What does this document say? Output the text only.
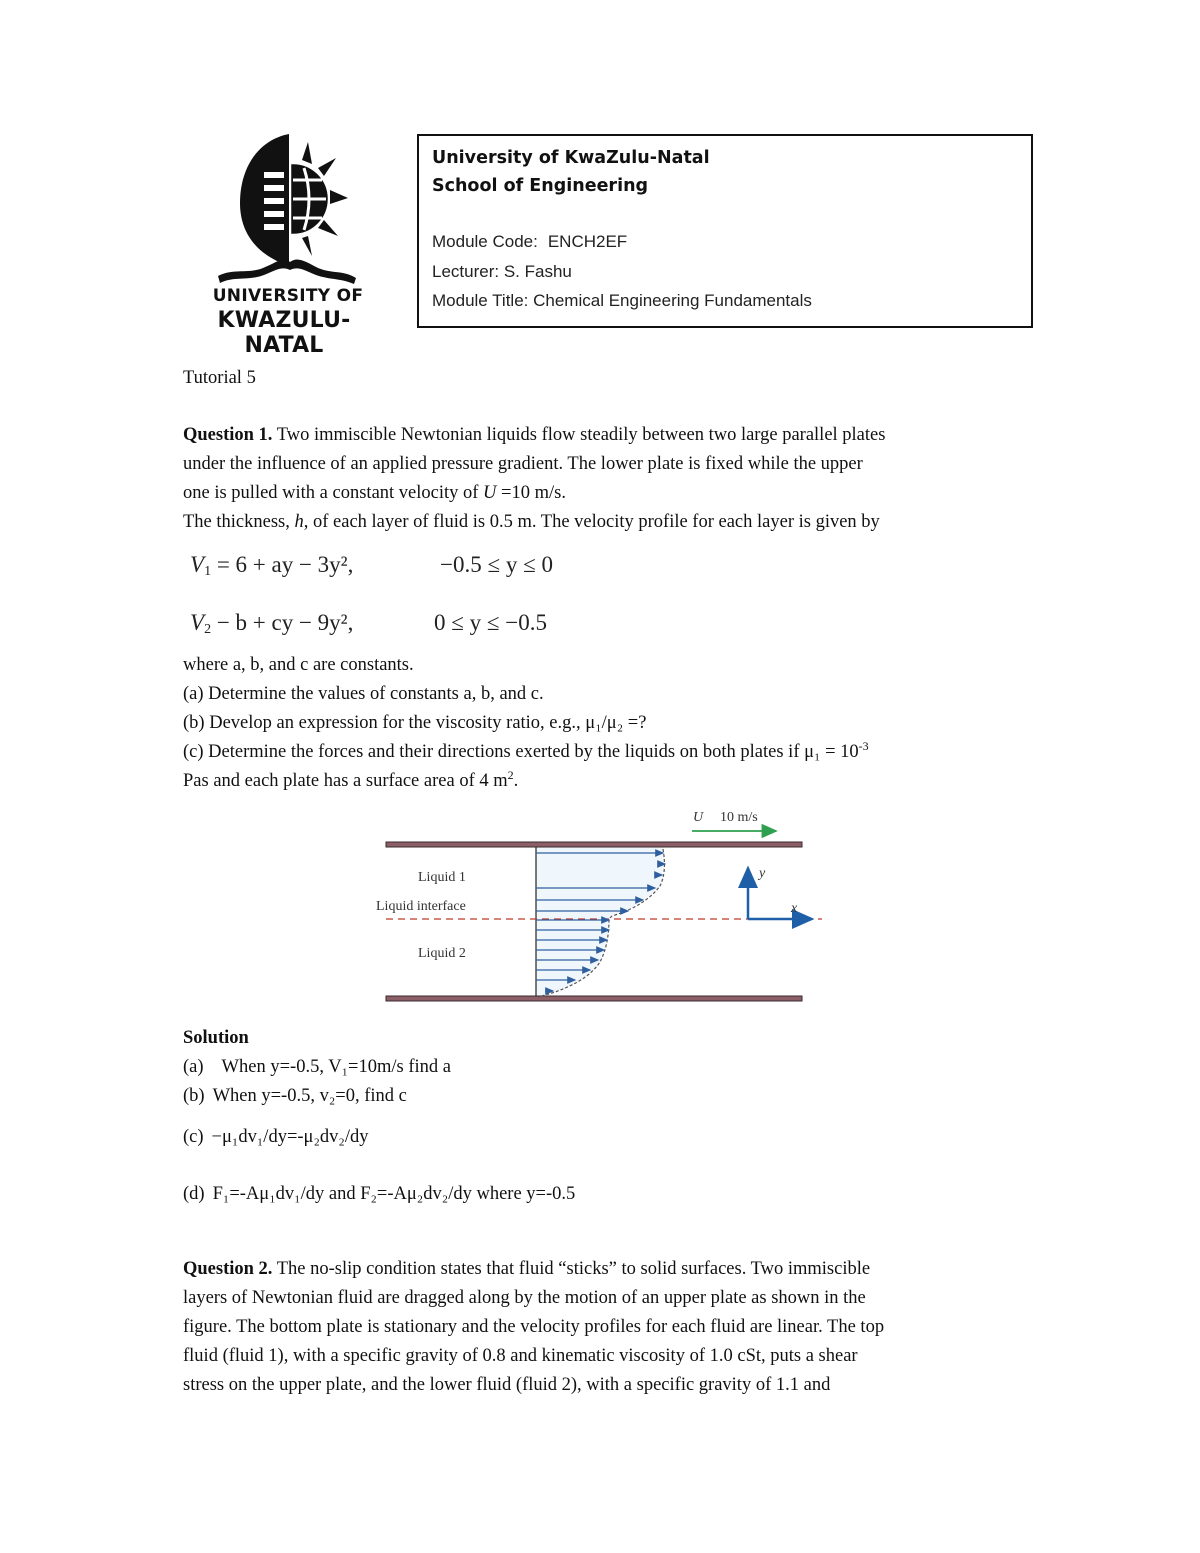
UNIVERSITY OF
KWAZULU-NATAL
University of KwaZulu-Natal
School of Engineering
Module Code: ENCH2EF
Lecturer: S. Fashu
Module Title: Chemical Engineering Fundamentals
Tutorial 5
Question 1. Two immiscible Newtonian liquids flow steadily between two large parallel plates
under the influence of an applied pressure gradient. The lower plate is fixed while the upper
one is pulled with a constant velocity of U =10 m/s.
The thickness, h, of each layer of fluid is 0.5 m. The velocity profile for each layer is given by
$V_1 = 6$ + ay − 3y²,	−0.5 ≤ y ≤ 0
$V_2 - b$ + cy − 9y²,	0 ≤ y ≤ −0.5
where a, b, and c are constants.
(a) Determine the values of constants a, b, and c.
(b) Develop an expression for the viscosity ratio, e.g., μ₁/μ₂ =?
(c) Determine the forces and their directions exerted by the liquids on both plates if $\mu_1 = 10^{-3}$
Pas and each plate has a surface area of 4 $m^2$.
U 10 m/s
Liquid 1
Liquid interface
Liquid 2
y
x
Solution
(a) When y=-0.5, V₁=10m/s find a
(b) When y=-0.5, v₂=0, find c
(c) −μ₁dv₁/dy=-μ₂dv₂/dy
(d) F₁=-Aμ₁dv₁/dy and F₂=-Aμ₂dv₂/dy where y=-0.5
Question 2. The no-slip condition states that fluid “sticks” to solid surfaces. Two immiscible
layers of Newtonian fluid are dragged along by the motion of an upper plate as shown in the
figure. The bottom plate is stationary and the velocity profiles for each fluid are linear. The top
fluid (fluid 1), with a specific gravity of 0.8 and kinematic viscosity of 1.0 cSt, puts a shear
stress on the upper plate, and the lower fluid (fluid 2), with a specific gravity of 1.1 and
